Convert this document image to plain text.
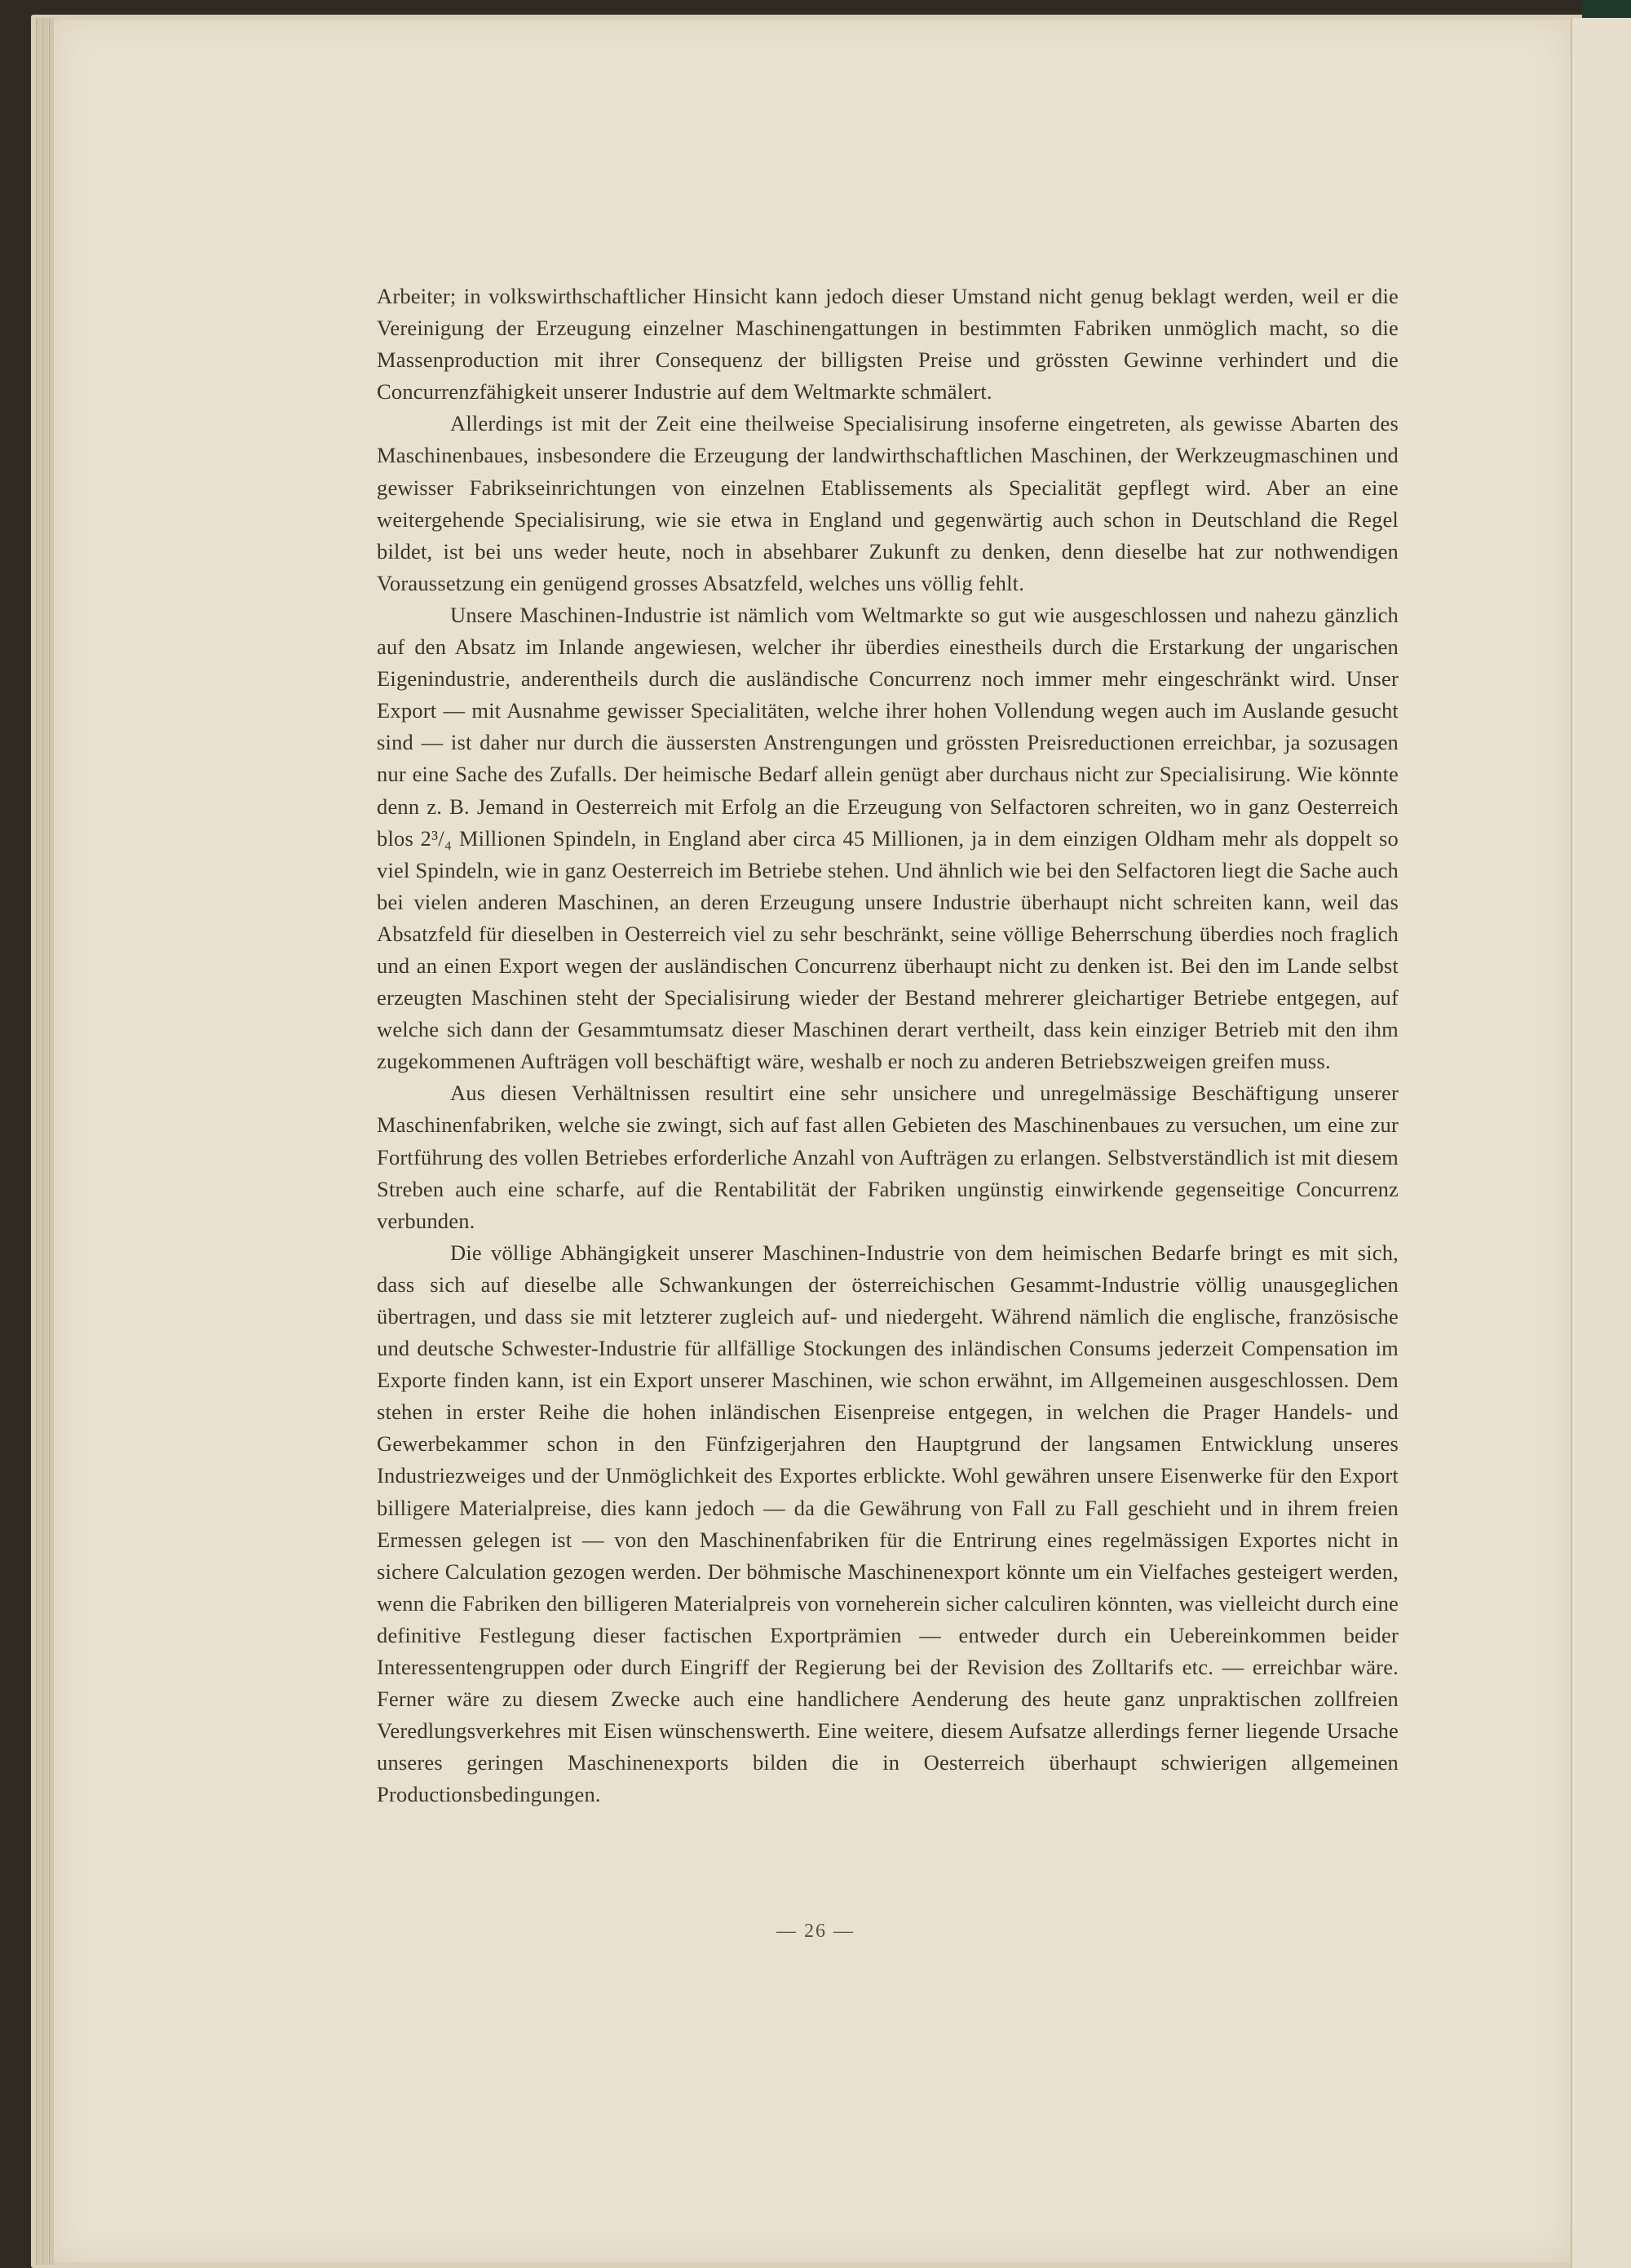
Arbeiter; in volkswirthschaftlicher Hinsicht kann jedoch dieser Umstand nicht genug beklagt werden, weil er die Vereinigung der Erzeugung einzelner Maschinengattungen in bestimmten Fabriken unmöglich macht, so die Massenproduction mit ihrer Consequenz der billigsten Preise und grössten Gewinne verhindert und die Concurrenzfähigkeit unserer Industrie auf dem Weltmarkte schmälert.

Allerdings ist mit der Zeit eine theilweise Specialisirung insoferne eingetreten, als gewisse Abarten des Maschinenbaues, insbesondere die Erzeugung der landwirthschaftlichen Maschinen, der Werkzeugmaschinen und gewisser Fabrikseinrichtungen von einzelnen Etablissements als Specialität gepflegt wird. Aber an eine weitergehende Specialisirung, wie sie etwa in England und gegenwärtig auch schon in Deutschland die Regel bildet, ist bei uns weder heute, noch in absehbarer Zukunft zu denken, denn dieselbe hat zur nothwendigen Voraussetzung ein genügend grosses Absatzfeld, welches uns völlig fehlt.

Unsere Maschinen-Industrie ist nämlich vom Weltmarkte so gut wie ausgeschlossen und nahezu gänzlich auf den Absatz im Inlande angewiesen, welcher ihr überdies einestheils durch die Erstarkung der ungarischen Eigenindustrie, anderentheils durch die ausländische Concurrenz noch immer mehr eingeschränkt wird. Unser Export — mit Ausnahme gewisser Specialitäten, welche ihrer hohen Vollendung wegen auch im Auslande gesucht sind — ist daher nur durch die äussersten Anstrengungen und grössten Preisreductionen erreichbar, ja sozusagen nur eine Sache des Zufalls. Der heimische Bedarf allein genügt aber durchaus nicht zur Specialisirung. Wie könnte denn z. B. Jemand in Oesterreich mit Erfolg an die Erzeugung von Selfactoren schreiten, wo in ganz Oesterreich blos 2³/₄ Millionen Spindeln, in England aber circa 45 Millionen, ja in dem einzigen Oldham mehr als doppelt so viel Spindeln, wie in ganz Oesterreich im Betriebe stehen. Und ähnlich wie bei den Selfactoren liegt die Sache auch bei vielen anderen Maschinen, an deren Erzeugung unsere Industrie überhaupt nicht schreiten kann, weil das Absatzfeld für dieselben in Oesterreich viel zu sehr beschränkt, seine völlige Beherrschung überdies noch fraglich und an einen Export wegen der ausländischen Concurrenz überhaupt nicht zu denken ist. Bei den im Lande selbst erzeugten Maschinen steht der Specialisirung wieder der Bestand mehrerer gleichartiger Betriebe entgegen, auf welche sich dann der Gesammtumsatz dieser Maschinen derart vertheilt, dass kein einziger Betrieb mit den ihm zugekommenen Aufträgen voll beschäftigt wäre, weshalb er noch zu anderen Betriebszweigen greifen muss.

Aus diesen Verhältnissen resultirt eine sehr unsichere und unregelmässige Beschäftigung unserer Maschinenfabriken, welche sie zwingt, sich auf fast allen Gebieten des Maschinenbaues zu versuchen, um eine zur Fortführung des vollen Betriebes erforderliche Anzahl von Aufträgen zu erlangen. Selbstverständlich ist mit diesem Streben auch eine scharfe, auf die Rentabilität der Fabriken ungünstig einwirkende gegenseitige Concurrenz verbunden.

Die völlige Abhängigkeit unserer Maschinen-Industrie von dem heimischen Bedarfe bringt es mit sich, dass sich auf dieselbe alle Schwankungen der österreichischen Gesammt-Industrie völlig unausgeglichen übertragen, und dass sie mit letzterer zugleich auf- und niedergeht. Während nämlich die englische, französische und deutsche Schwester-Industrie für allfällige Stockungen des inländischen Consums jederzeit Compensation im Exporte finden kann, ist ein Export unserer Maschinen, wie schon erwähnt, im Allgemeinen ausgeschlossen. Dem stehen in erster Reihe die hohen inländischen Eisenpreise entgegen, in welchen die Prager Handels- und Gewerbekammer schon in den Fünfzigerjahren den Hauptgrund der langsamen Entwicklung unseres Industriezweiges und der Unmöglichkeit des Exportes erblickte. Wohl gewähren unsere Eisenwerke für den Export billigere Materialpreise, dies kann jedoch — da die Gewährung von Fall zu Fall geschieht und in ihrem freien Ermessen gelegen ist — von den Maschinenfabriken für die Entrirung eines regelmässigen Exportes nicht in sichere Calculation gezogen werden. Der böhmische Maschinenexport könnte um ein Vielfaches gesteigert werden, wenn die Fabriken den billigeren Materialpreis von vorneherein sicher calculiren könnten, was vielleicht durch eine definitive Festlegung dieser factischen Exportprämien — entweder durch ein Uebereinkommen beider Interessentengruppen oder durch Eingriff der Regierung bei der Revision des Zolltarifs etc. — erreichbar wäre. Ferner wäre zu diesem Zwecke auch eine handlichere Aenderung des heute ganz unpraktischen zollfreien Veredlungsverkehres mit Eisen wünschenswerth. Eine weitere, diesem Aufsatze allerdings ferner liegende Ursache unseres geringen Maschinenexports bilden die in Oesterreich überhaupt schwierigen allgemeinen Productionsbedingungen.

— 26 —
